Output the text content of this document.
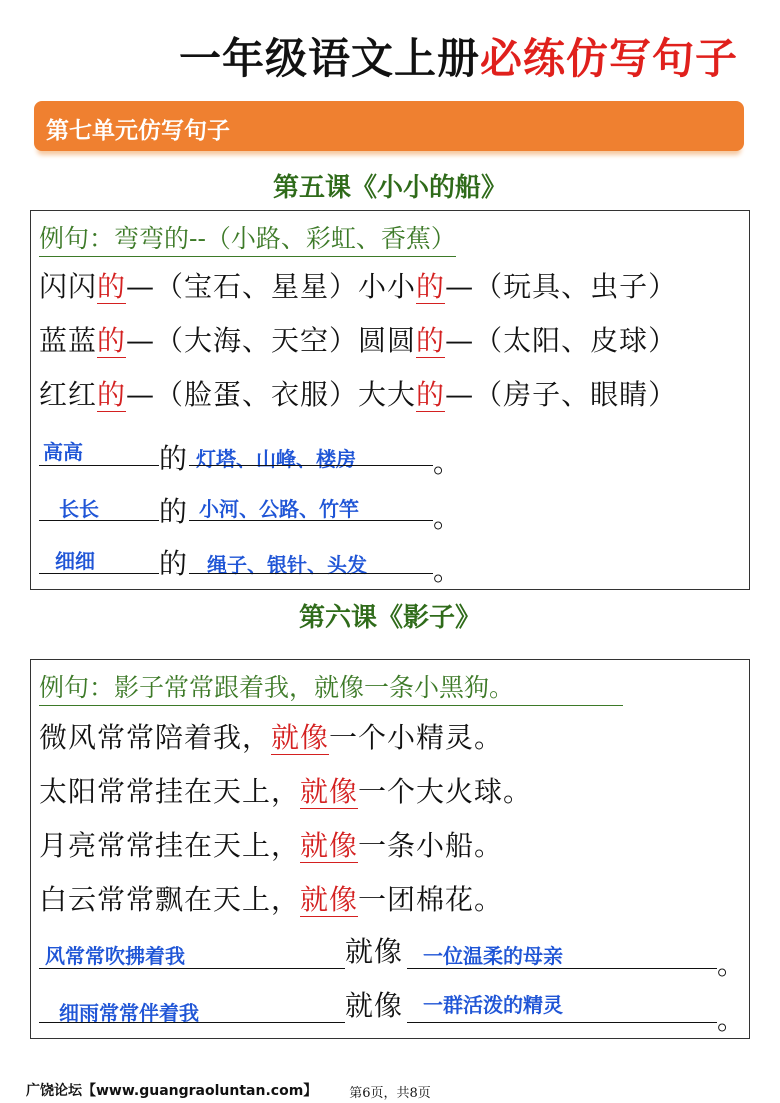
一年级语文上册必练仿写句子
第七单元仿写句子
第五课《小小的船》
例句：弯弯的--（小路、彩虹、香蕉）
闪闪的—（宝石、星星）小小的—（玩具、虫子）
蓝蓝的—（大海、天空）圆圆的—（太阳、皮球）
红红的—（脸蛋、衣服）大大的—（房子、眼睛）
高高	的 灯塔、山峰、楼房	。
长长 的 小河、公路、竹竿	。
细细 的 绳子、银针、头发 。
第六课《影子》
例句：影子常常跟着我，就像一条小黑狗。
微风常常陪着我，就像一个小精灵。
太阳常常挂在天上，就像一个大火球。
月亮常常挂在天上，就像一条小船。
白云常常飘在天上，就像一团棉花。
风常常吹拂着我	就像 一位温柔的母亲	。
细雨常常伴着我	就像 一群活泼的精灵	。
广饶论坛【www.guangraoluntan.com】	第6页，共8页
